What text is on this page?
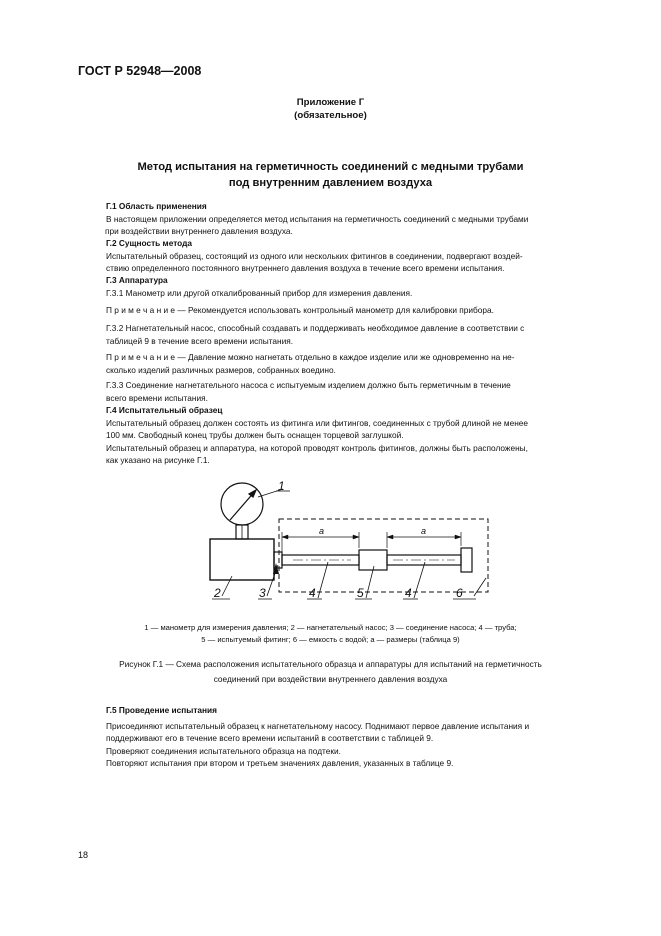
ГОСТ Р 52948—2008
Приложение Г
(обязательное)
Метод испытания на герметичность соединений с медными трубами
под внутренним давлением воздуха
Г.1 Область применения
В настоящем приложении определяется метод испытания на герметичность соединений с медными трубами
при воздействии внутреннего давления воздуха.
Г.2 Сущность метода
Испытательный образец, состоящий из одного или нескольких фитингов в соединении, подвергают воздей-
ствию определенного постоянного внутреннего давления воздуха в течение всего времени испытания.
Г.3 Аппаратура
Г.3.1 Манометр или другой откалиброванный прибор для измерения давления.
П р и м е ч а н и е — Рекомендуется использовать контрольный манометр для калибровки прибора.
Г.3.2 Нагнетательный насос, способный создавать и поддерживать необходимое давление в соответствии с
таблицей 9 в течение всего времени испытания.
П р и м е ч а н и е — Давление можно нагнетать отдельно в каждое изделие или же одновременно на не-
сколько изделий различных размеров, собранных воедино.
Г.3.3 Соединение нагнетательного насоса с испытуемым изделием должно быть герметичным в течение
всего времени испытания.
Г.4 Испытательный образец
Испытательный образец должен состоять из фитинга или фитингов, соединенных с трубой длиной не менее
100 мм. Свободный конец трубы должен быть оснащен торцевой заглушкой.
Испытательный образец и аппаратура, на которой проводят контроль фитингов, должны быть расположены,
как указано на рисунке Г.1.
1
2	3	4	5	4	6
a	a
1 — манометр для измерения давления; 2 — нагнетательный насос; 3 — соединение насоса; 4 — труба;
5 — испытуемый фитинг; 6 — емкость с водой; a — размеры (таблица 9)
Рисунок Г.1 — Схема расположения испытательного образца и аппаратуры для испытаний на герметичность
соединений при воздействии внутреннего давления воздуха
Г.5 Проведение испытания
Присоединяют испытательный образец к нагнетательному насосу. Поднимают первое давление испытания и
поддерживают его в течение всего времени испытаний в соответствии с таблицей 9.
Проверяют соединения испытательного образца на подтеки.
Повторяют испытания при втором и третьем значениях давления, указанных в таблице 9.
18
